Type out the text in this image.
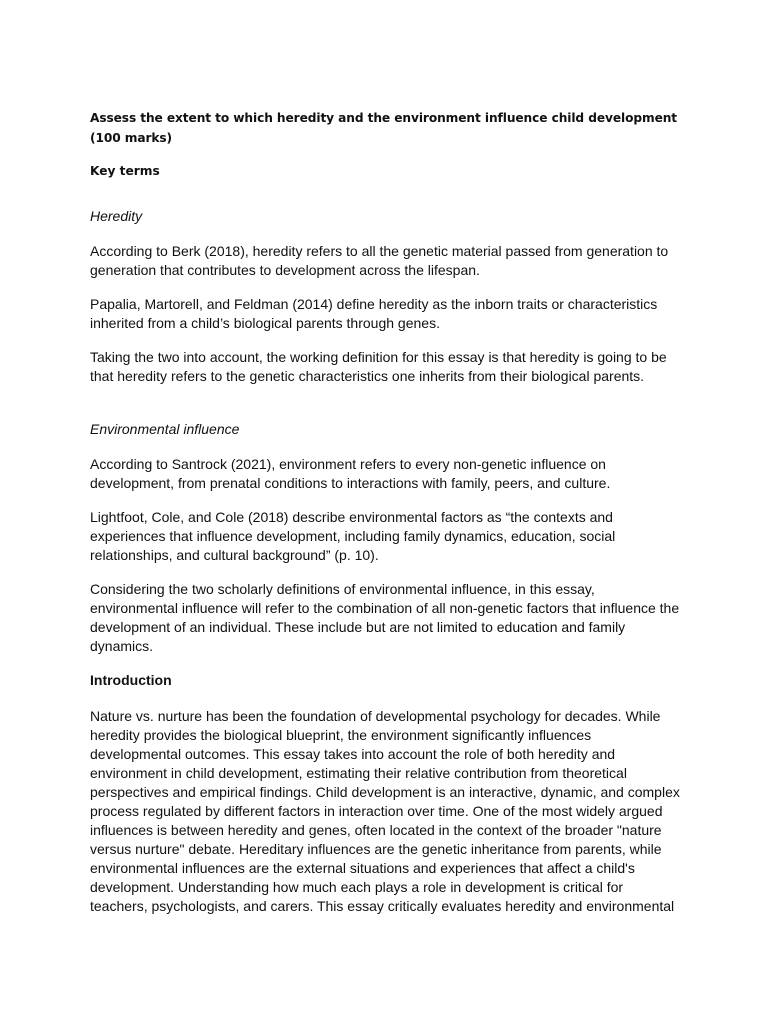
Assess the extent to which heredity and the environment influence child development (100 marks)
Key terms
Heredity

According to Berk (2018), heredity refers to all the genetic material passed from generation to generation that contributes to development across the lifespan.

Papalia, Martorell, and Feldman (2014) define heredity as the inborn traits or characteristics inherited from a child’s biological parents through genes.

Taking the two into account, the working definition for this essay is that heredity is going to be that heredity refers to the genetic characteristics one inherits from their biological parents.

Environmental influence

According to Santrock (2021), environment refers to every non-genetic influence on development, from prenatal conditions to interactions with family, peers, and culture.

Lightfoot, Cole, and Cole (2018) describe environmental factors as “the contexts and experiences that influence development, including family dynamics, education, social relationships, and cultural background” (p. 10).

Considering the two scholarly definitions of environmental influence, in this essay, environmental influence will refer to the combination of all non-genetic factors that influence the development of an individual. These include but are not limited to education and family dynamics.

Introduction

Nature vs. nurture has been the foundation of developmental psychology for decades. While heredity provides the biological blueprint, the environment significantly influences developmental outcomes. This essay takes into account the role of both heredity and environment in child development, estimating their relative contribution from theoretical perspectives and empirical findings. Child development is an interactive, dynamic, and complex process regulated by different factors in interaction over time. One of the most widely argued influences is between heredity and genes, often located in the context of the broader "nature versus nurture" debate. Hereditary influences are the genetic inheritance from parents, while environmental influences are the external situations and experiences that affect a child's development. Understanding how much each plays a role in development is critical for teachers, psychologists, and carers. This essay critically evaluates heredity and environmental
